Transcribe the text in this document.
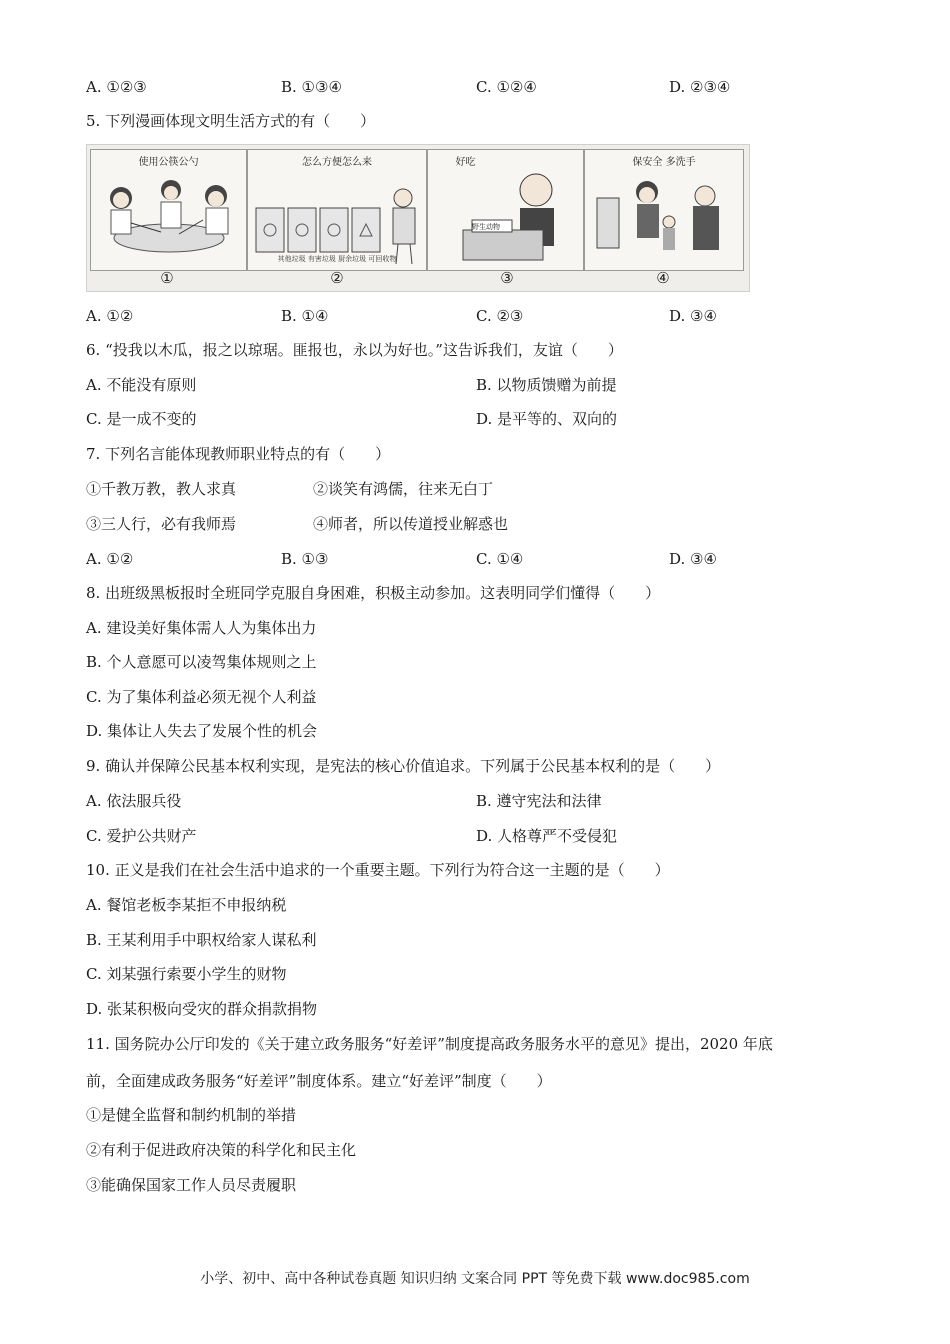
A. ①②③	B. ①③④	C. ①②④	D. ②③④
5. 下列漫画体现文明生活方式的有（　　）
使用公筷公勺
①
怎么方便怎么来
其他垃圾 有害垃圾 厨余垃圾 可回收物
②
好吃
野生动物
③
保安全 多洗手
④
A. ①②	B. ①④	C. ②③	D. ③④
6. “投我以木瓜，报之以琼琚。匪报也，永以为好也。”这告诉我们，友谊（　　）
A. 不能没有原则	B. 以物质馈赠为前提
C. 是一成不变的	D. 是平等的、双向的
7. 下列名言能体现教师职业特点的有（　　）
①千教万教，教人求真	②谈笑有鸿儒，往来无白丁
③三人行，必有我师焉	④师者，所以传道授业解惑也
A. ①②	B. ①③	C. ①④	D. ③④
8. 出班级黑板报时全班同学克服自身困难，积极主动参加。这表明同学们懂得（　　）
A. 建设美好集体需人人为集体出力
B. 个人意愿可以凌驾集体规则之上
C. 为了集体利益必须无视个人利益
D. 集体让人失去了发展个性的机会
9. 确认并保障公民基本权利实现，是宪法的核心价值追求。下列属于公民基本权利的是（　　）
A. 依法服兵役	B. 遵守宪法和法律
C. 爱护公共财产	D. 人格尊严不受侵犯
10. 正义是我们在社会生活中追求的一个重要主题。下列行为符合这一主题的是（　　）
A. 餐馆老板李某拒不申报纳税
B. 王某利用手中职权给家人谋私利
C. 刘某强行索要小学生的财物
D. 张某积极向受灾的群众捐款捐物
11. 国务院办公厅印发的《关于建立政务服务“好差评”制度提高政务服务水平的意见》提出，2020 年底
前，全面建成政务服务“好差评”制度体系。建立“好差评”制度（　　）
①是健全监督和制约机制的举措
②有利于促进政府决策的科学化和民主化
③能确保国家工作人员尽责履职
小学、初中、高中各种试卷真题 知识归纳 文案合同 PPT 等免费下载 www.doc985.com
